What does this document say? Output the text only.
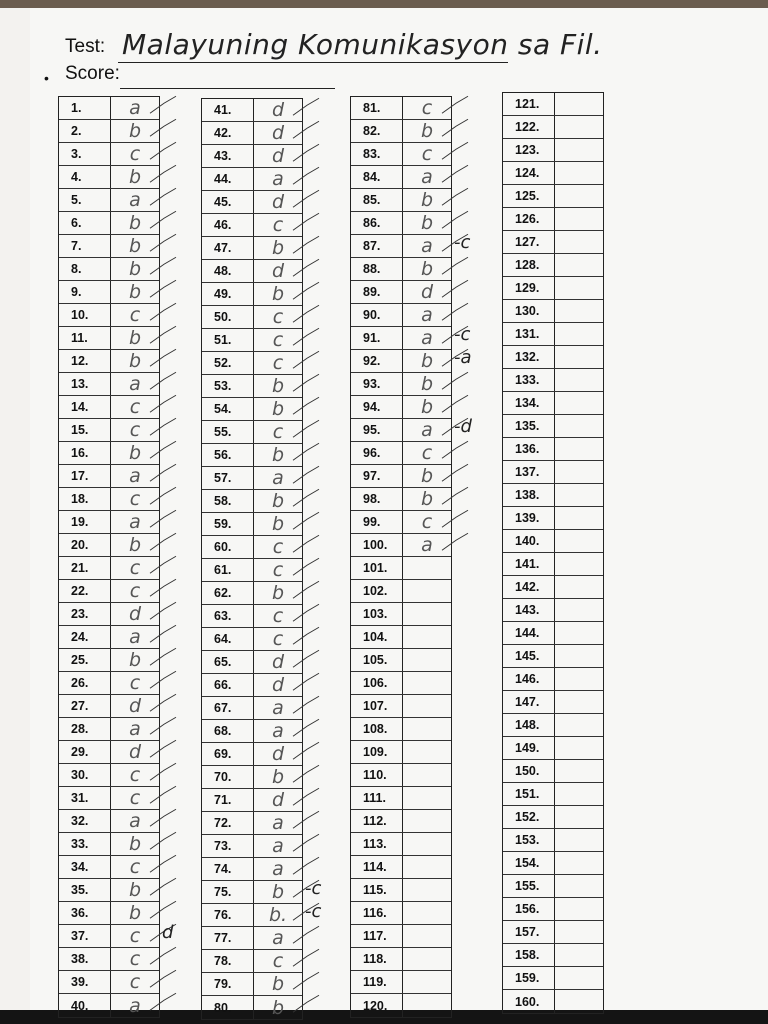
•
Test: Malayuning Komunikasyon sa Fil.
Score:
1.	a
2.	b
3.	c
4.	b
5.	a
6.	b
7.	b
8.	b
9.	b
10.	c
11.	b
12.	b
13.	a
14.	c
15.	c
16.	b
17.	a
18.	c
19.	a
20.	b
21.	c
22.	c
23.	d
24.	a
25.	b
26.	c
27.	d
28.	a
29.	d
30.	c
31.	c
32.	a
33.	b
34.	c
35.	b
36.	b
37.	c
38.	c
39.	c
40.	a
41.	d
42.	d
43.	d
44.	a
45.	d
46.	c
47.	b
48.	d
49.	b
50.	c
51.	c
52.	c
53.	b
54.	b
55.	c
56.	b
57.	a
58.	b
59.	b
60.	c
61.	c
62.	b
63.	c
64.	c
65.	d
66.	d
67.	a
68.	a
69.	d
70.	b
71.	d
72.	a
73.	a
74.	a
75.	b
76.	b.
77.	a
78.	c
79.	b
80.	b
81.	c
82.	b
83.	c
84.	a
85.	b
86.	b
87.	a
88.	b
89.	d
90.	a
91.	a
92.	b
93.	b
94.	b
95.	a
96.	c
97.	b
98.	b
99.	c
100.	a
101.
102.
103.
104.
105.
106.
107.
108.
109.
110.
111.
112.
113.
114.
115.
116.
117.
118.
119.
120.
121.
122.
123.
124.
125.
126.
127.
128.
129.
130.
131.
132.
133.
134.
135.
136.
137.
138.
139.
140.
141.
142.
143.
144.
145.
146.
147.
148.
149.
150.
151.
152.
153.
154.
155.
156.
157.
158.
159.
160.
d
-c
-c
-c
-c
-a
-d
